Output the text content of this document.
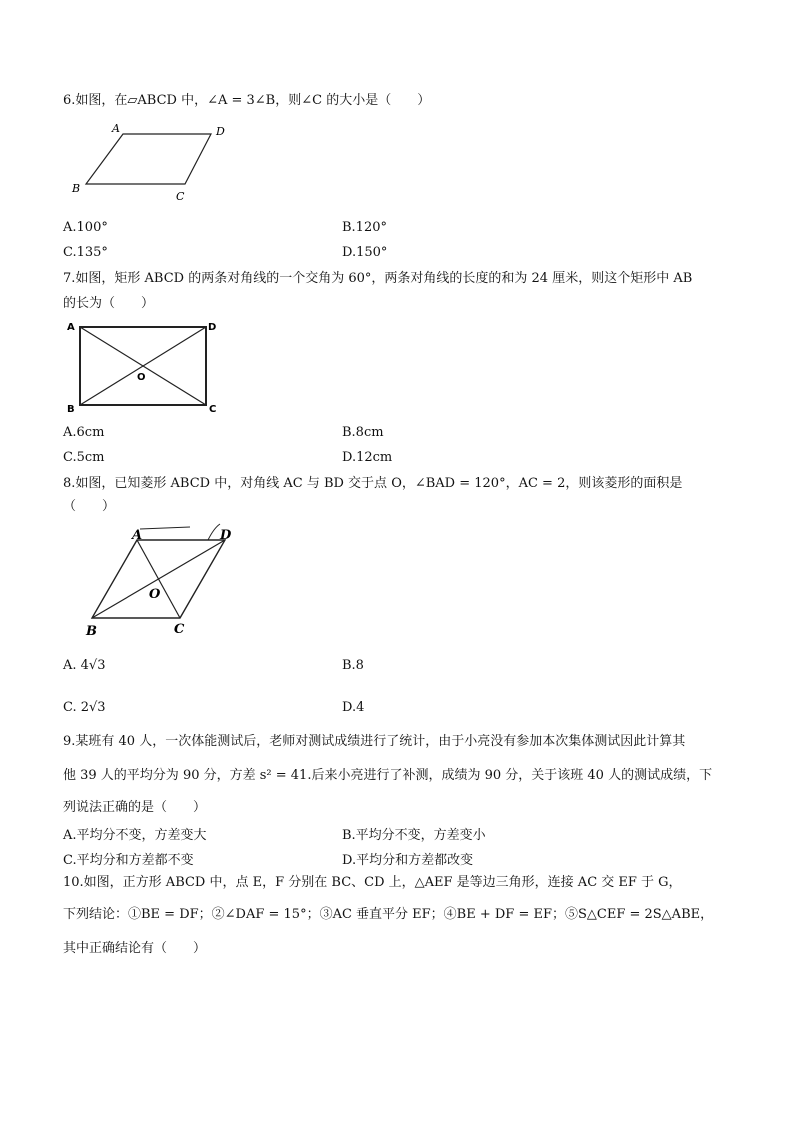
6.如图，在▱ABCD 中，∠A = 3∠B，则∠C 的大小是（　　）
A	D
B
C
A.100°	B.120°
C.135°	D.150°
7.如图，矩形 ABCD 的两条对角线的一个交角为 60°，两条对角线的长度的和为 24 厘米，则这个矩形中 AB
的长为（　　）
A	D
B	C
O
A.6cm	B.8cm
C.5cm	D.12cm
8.如图，已知菱形 ABCD 中，对角线 AC 与 BD 交于点 O，∠BAD = 120°，AC = 2，则该菱形的面积是
（　　）
A	D
B	C
O
A. 4√3	B.8
C. 2√3	D.4
9.某班有 40 人，一次体能测试后，老师对测试成绩进行了统计，由于小亮没有参加本次集体测试因此计算其
他 39 人的平均分为 90 分，方差 s² = 41.后来小亮进行了补测，成绩为 90 分，关于该班 40 人的测试成绩，下
列说法正确的是（　　）
A.平均分不变，方差变大	B.平均分不变，方差变小
C.平均分和方差都不变	D.平均分和方差都改变
10.如图，正方形 ABCD 中，点 E，F 分别在 BC、CD 上，△AEF 是等边三角形，连接 AC 交 EF 于 G，
下列结论：①BE = DF；②∠DAF = 15°；③AC 垂直平分 EF；④BE + DF = EF；⑤S△CEF = 2S△ABE，
其中正确结论有（　　）
